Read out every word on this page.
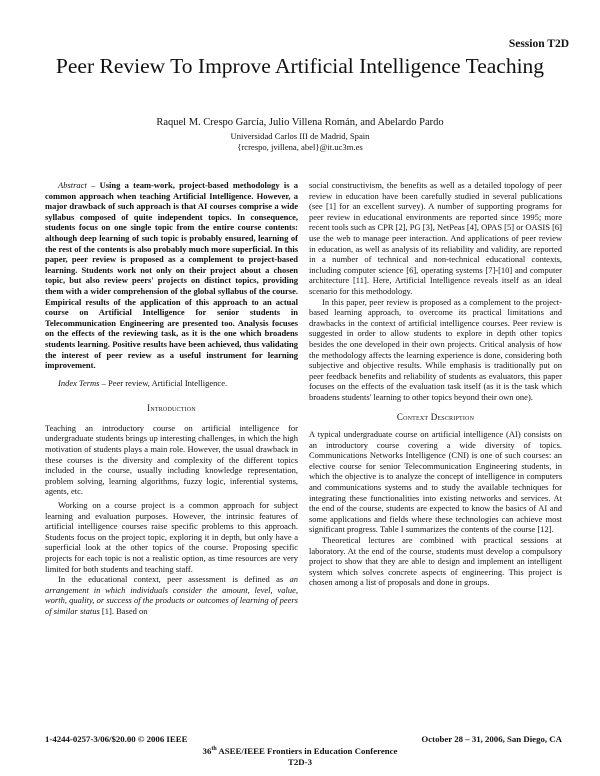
Session T2D
Peer Review To Improve Artificial Intelligence Teaching
Raquel M. Crespo García, Julio Villena Román, and Abelardo Pardo
Universidad Carlos III de Madrid, Spain
{rcrespo, jvillena, abel}@it.uc3m.es

Abstract – Using a team-work, project-based methodology is a common approach when teaching Artificial Intelligence. However, a major drawback of such approach is that AI courses comprise a wide syllabus composed of quite independent topics. In consequence, students focus on one single topic from the entire course contents: although deep learning of such topic is probably ensured, learning of the rest of the contents is also probably much more superficial. In this paper, peer review is proposed as a complement to project-based learning. Students work not only on their project about a chosen topic, but also review peers' projects on distinct topics, providing them with a wider comprehension of the global syllabus of the course. Empirical results of the application of this approach to an actual course on Artificial Intelligence for senior students in Telecommunication Engineering are presented too. Analysis focuses on the effects of the reviewing task, as it is the one which broadens students learning. Positive results have been achieved, thus validating the interest of peer review as a useful instrument for learning improvement.

Index Terms – Peer review, Artificial Intelligence.

Introduction

Teaching an introductory course on artificial intelligence for undergraduate students brings up interesting challenges, in which the high motivation of students plays a main role. However, the usual drawback in these courses is the diversity and complexity of the different topics included in the course, usually including knowledge representation, problem solving, learning algorithms, fuzzy logic, inferential systems, agents, etc.

Working on a course project is a common approach for subject learning and evaluation purposes. However, the intrinsic features of artificial intelligence courses raise specific problems to this approach. Students focus on the project topic, exploring it in depth, but only have a superficial look at the other topics of the course. Proposing specific projects for each topic is not a realistic option, as time resources are very limited for both students and teaching staff.

In the educational context, peer assessment is defined as an arrangement in which individuals consider the amount, level, value, worth, quality, or success of the products or outcomes of learning of peers of similar status [1]. Based on

social constructivism, the benefits as well as a detailed topology of peer review in education have been carefully studied in several publications (see [1] for an excellent survey). A number of supporting programs for peer review in educational environments are reported since 1995; more recent tools such as CPR [2], PG [3], NetPeas [4], OPAS [5] or OASIS [6] use the web to manage peer interaction. And applications of peer review in education, as well as analysis of its reliability and validity, are reported in a number of technical and non-technical educational contexts, including computer science [6], operating systems [7]-[10] and computer architecture [11]. Here, Artificial Intelligence reveals itself as an ideal scenario for this methodology.

In this paper, peer review is proposed as a complement to the project-based learning approach, to overcome its practical limitations and drawbacks in the context of artificial intelligence courses. Peer review is suggested in order to allow students to explore in depth other topics besides the one developed in their own projects. Critical analysis of how the methodology affects the learning experience is done, considering both subjective and objective results. While emphasis is traditionally put on peer feedback benefits and reliability of students as evaluators, this paper focuses on the effects of the evaluation task itself (as it is the task which broadens students' learning to other topics beyond their own one).

Context Description

A typical undergraduate course on artificial intelligence (AI) consists on an introductory course covering a wide diversity of topics. Communications Networks Intelligence (CNI) is one of such courses: an elective course for senior Telecommunication Engineering students, in which the objective is to analyze the concept of intelligence in computers and communications systems and to study the available techniques for integrating these functionalities into existing networks and services. At the end of the course, students are expected to know the basics of AI and some applications and fields where these technologies can achieve most significant progress. Table I summarizes the contents of the course [12].

Theoretical lectures are combined with practical sessions at laboratory. At the end of the course, students must develop a compulsory project to show that they are able to design and implement an intelligent system which solves concrete aspects of engineering. This project is chosen among a list of proposals and done in groups.

1-4244-0257-3/06/$20.00 © 2006 IEEE	October 28 – 31, 2006, San Diego, CA
36th ASEE/IEEE Frontiers in Education Conference
T2D-3
